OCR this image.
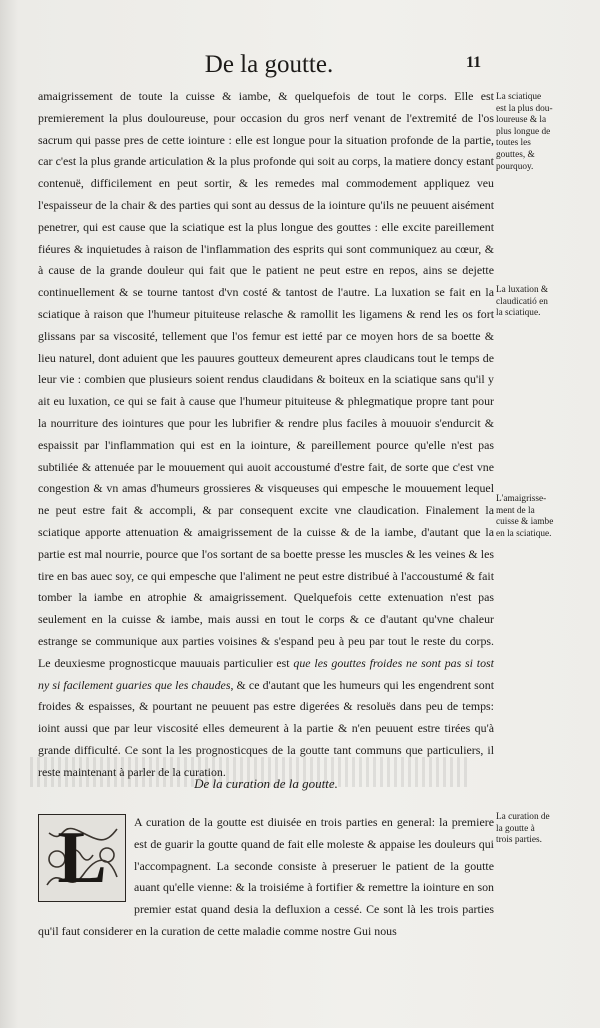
De la goutte.	11

amaigrissement de toute la cuisse & iambe, & quelquefois de tout le corps. Elle est premierement la plus douloureuse, pour occasion du gros nerf venant de l'extremité de l'os sacrum qui passe pres de cette iointure : elle est longue pour la situation profonde de la partie, car c'est la plus grande articulation & la plus profonde qui soit au corps, la matiere doncy estant contenuë, difficilement en peut sortir, & les remedes mal commodement appliquez veu l'espaisseur de la chair & des parties qui sont au dessus de la iointure qu'ils ne peuuent aisément penetrer, qui est cause que la sciatique est la plus longue des gouttes : elle excite pareillement fiéures & inquietudes à raison de l'inflammation des esprits qui sont communiquez au cœur, & à cause de la grande douleur qui fait que le patient ne peut estre en repos, ains se dejette continuellement & se tourne tantost d'vn costé & tantost de l'autre. La luxation se fait en la sciatique à raison que l'humeur pituiteuse relasche & ramollit les ligamens & rend les os fort glissans par sa viscosité, tellement que l'os femur est ietté par ce moyen hors de sa boette & lieu naturel, dont aduient que les pauures goutteux demeurent apres claudicans tout le temps de leur vie : combien que plusieurs soient rendus claudidans & boiteux en la sciatique sans qu'il y ait eu luxation, ce qui se fait à cause que l'humeur pituiteuse & phlegmatique propre tant pour la nourriture des iointures que pour les lubrifier & rendre plus faciles à mouuoir s'endurcit & espaissit par l'inflammation qui est en la iointure, & pareillement pource qu'elle n'est pas subtiliée & attenuée par le mouuement qui auoit accoustumé d'estre fait, de sorte que c'est vne congestion & vn amas d'humeurs grossieres & visqueuses qui empesche le mouuement lequel ne peut estre fait & accompli, & par consequent excite vne claudication. Finalement la sciatique apporte attenuation & amaigrissement de la cuisse & de la iambe, d'autant que la partie est mal nourrie, pource que l'os sortant de sa boette presse les muscles & les veines & les tire en bas auec soy, ce qui empesche que l'aliment ne peut estre distribué à l'accoustumé & fait tomber la iambe en atrophie & amaigrissement. Quelquefois cette extenuation n'est pas seulement en la cuisse & iambe, mais aussi en tout le corps & ce d'autant qu'vne chaleur estrange se communique aux parties voisines & s'espand peu à peu par tout le reste du corps. Le deuxiesme prognosticque mauuais particulier est que les gouttes froides ne sont pas si tost ny si facilement guaries que les chaudes, & ce d'autant que les humeurs qui les engendrent sont froides & espaisses, & pourtant ne peuuent pas estre digerées & resoluës dans peu de temps: ioint aussi que par leur viscosité elles demeurent à la partie & n'en peuuent estre tirées qu'à grande difficulté. Ce sont la les prognosticques de la goutte tant communs que particuliers, il reste maintenant à parler de la curation.

De la curation de la goutte.

L	A curation de la goutte est diuisée en trois parties en general: la premiere est de guarir la goutte quand de fait elle moleste & appaise les douleurs qui l'accompagnent. La seconde consiste à preseruer le patient de la goutte auant qu'elle vienne: & la troisiéme à fortifier & remettre la iointure en son premier estat quand desia la defluxion a cessé. Ce sont là les trois parties qu'il faut considerer en la curation de cette maladie comme nostre Gui nous

La sciatique
est la plus dou-
loureuse & la
plus longue de
toutes les
gouttes, &
pourquoy.
La luxation &
claudicatió en
la sciatique.
L'amaigrisse-
ment de la
cuisse & iambe
en la sciatique.
La curation de
la goutte à
trois parties.
